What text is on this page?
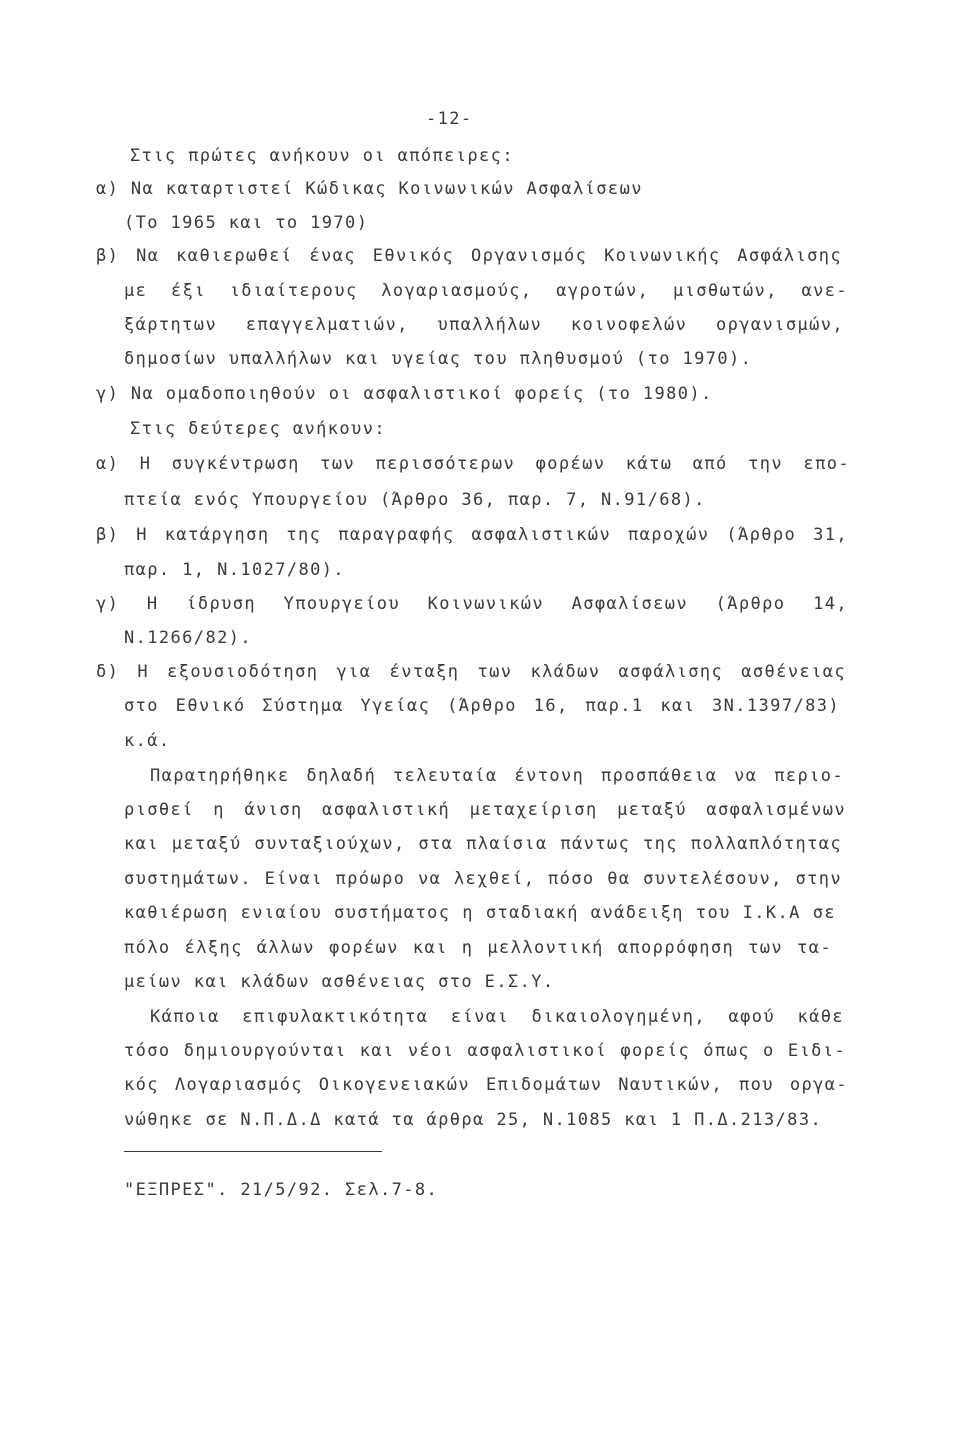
-12-
Στις πρώτες ανήκουν οι απόπειρες:
α) Να καταρτιστεί Κώδικας Κοινωνικών Ασφαλίσεων
(Το 1965 και το 1970)
β) Να καθιερωθεί ένας Εθνικός Οργανισμός Κοινωνικής Ασφάλισης
με έξι ιδιαίτερους λογαριασμούς, αγροτών, μισθωτών, ανε-
ξάρτητων επαγγελματιών, υπαλλήλων κοινοφελών οργανισμών,
δημοσίων υπαλλήλων και υγείας του πληθυσμού (το 1970).
γ) Να ομαδοποιηθούν οι ασφαλιστικοί φορείς (το 1980).
Στις δεύτερες ανήκουν:
α) Η συγκέντρωση των περισσότερων φορέων κάτω από την επο-
πτεία ενός Υπουργείου (Άρθρο 36, παρ. 7, Ν.91/68).
β) Η κατάργηση της παραγραφής ασφαλιστικών παροχών (Άρθρο 31,
παρ. 1, Ν.1027/80).
γ) Η ίδρυση Υπουργείου Κοινωνικών Ασφαλίσεων (Άρθρο 14,
Ν.1266/82).
δ) Η εξουσιοδότηση για ένταξη των κλάδων ασφάλισης ασθένειας
στο Εθνικό Σύστημα Υγείας (Άρθρο 16, παρ.1 και 3Ν.1397/83)
κ.ά.
Παρατηρήθηκε δηλαδή τελευταία έντονη προσπάθεια να περιο-
ρισθεί η άνιση ασφαλιστική μεταχείριση μεταξύ ασφαλισμένων
και μεταξύ συνταξιούχων, στα πλαίσια πάντως της πολλαπλότητας
συστημάτων. Είναι πρόωρο να λεχθεί, πόσο θα συντελέσουν, στην
καθιέρωση ενιαίου συστήματος η σταδιακή ανάδειξη του Ι.Κ.Α σε
πόλο έλξης άλλων φορέων και η μελλοντική απορρόφηση των τα-
μείων και κλάδων ασθένειας στο Ε.Σ.Υ.
Κάποια επιφυλακτικότητα είναι δικαιολογημένη, αφού κάθε
τόσο δημιουργούνται και νέοι ασφαλιστικοί φορείς όπως ο Ειδι-
κός Λογαριασμός Οικογενειακών Επιδομάτων Ναυτικών, που οργα-
νώθηκε σε Ν.Π.Δ.Δ κατά τα άρθρα 25, Ν.1085 και 1 Π.Δ.213/83.
"ΕΞΠΡΕΣ". 21/5/92. Σελ.7-8.
